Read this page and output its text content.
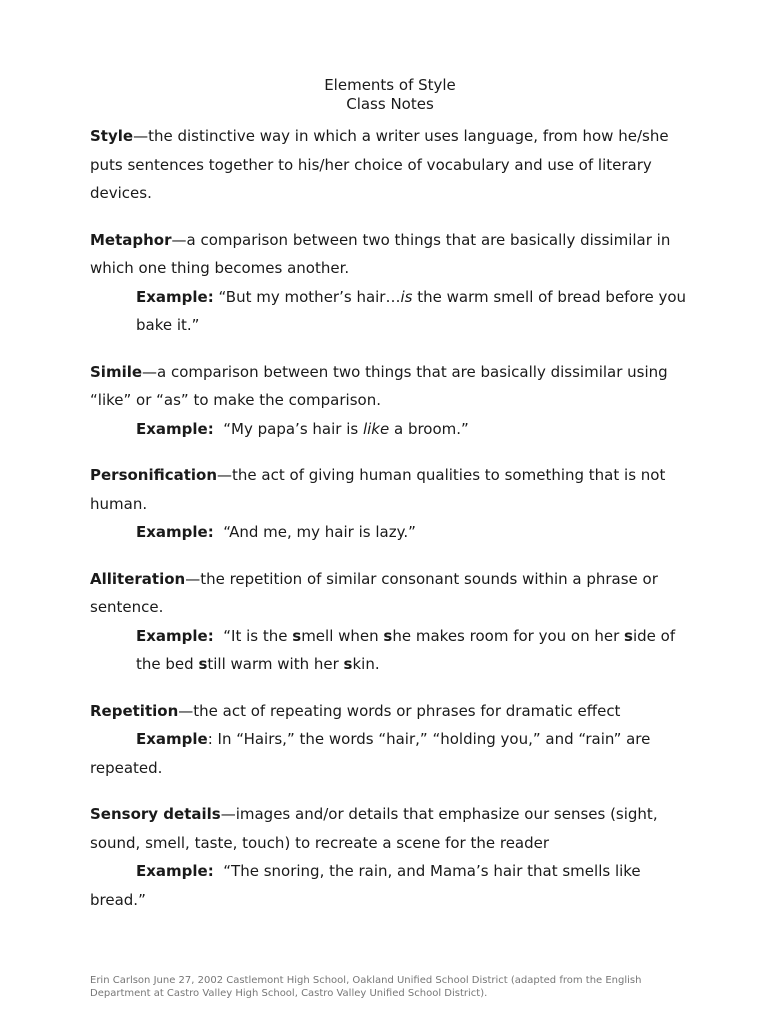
Elements of Style
Class Notes
Style—the distinctive way in which a writer uses language, from how he/she puts sentences together to his/her choice of vocabulary and use of literary devices.
Metaphor—a comparison between two things that are basically dissimilar in which one thing becomes another.
Example: “But my mother’s hair…is the warm smell of bread before you bake it.”
Simile—a comparison between two things that are basically dissimilar using “like” or “as” to make the comparison.
Example:  “My papa’s hair is like a broom.”
Personification—the act of giving human qualities to something that is not human.
Example:  “And me, my hair is lazy.”
Alliteration—the repetition of similar consonant sounds within a phrase or sentence.
Example:  “It is the smell when she makes room for you on her side of the bed still warm with her skin.
Repetition—the act of repeating words or phrases for dramatic effect
Example: In “Hairs,” the words “hair,” “holding you,” and “rain” are repeated.
Sensory details—images and/or details that emphasize our senses (sight, sound, smell, taste, touch) to recreate a scene for the reader
Example:  “The snoring, the rain, and Mama’s hair that smells like bread.”
Erin Carlson June 27, 2002 Castlemont High School, Oakland Unified School District (adapted from the English Department at Castro Valley High School, Castro Valley Unified School District).
